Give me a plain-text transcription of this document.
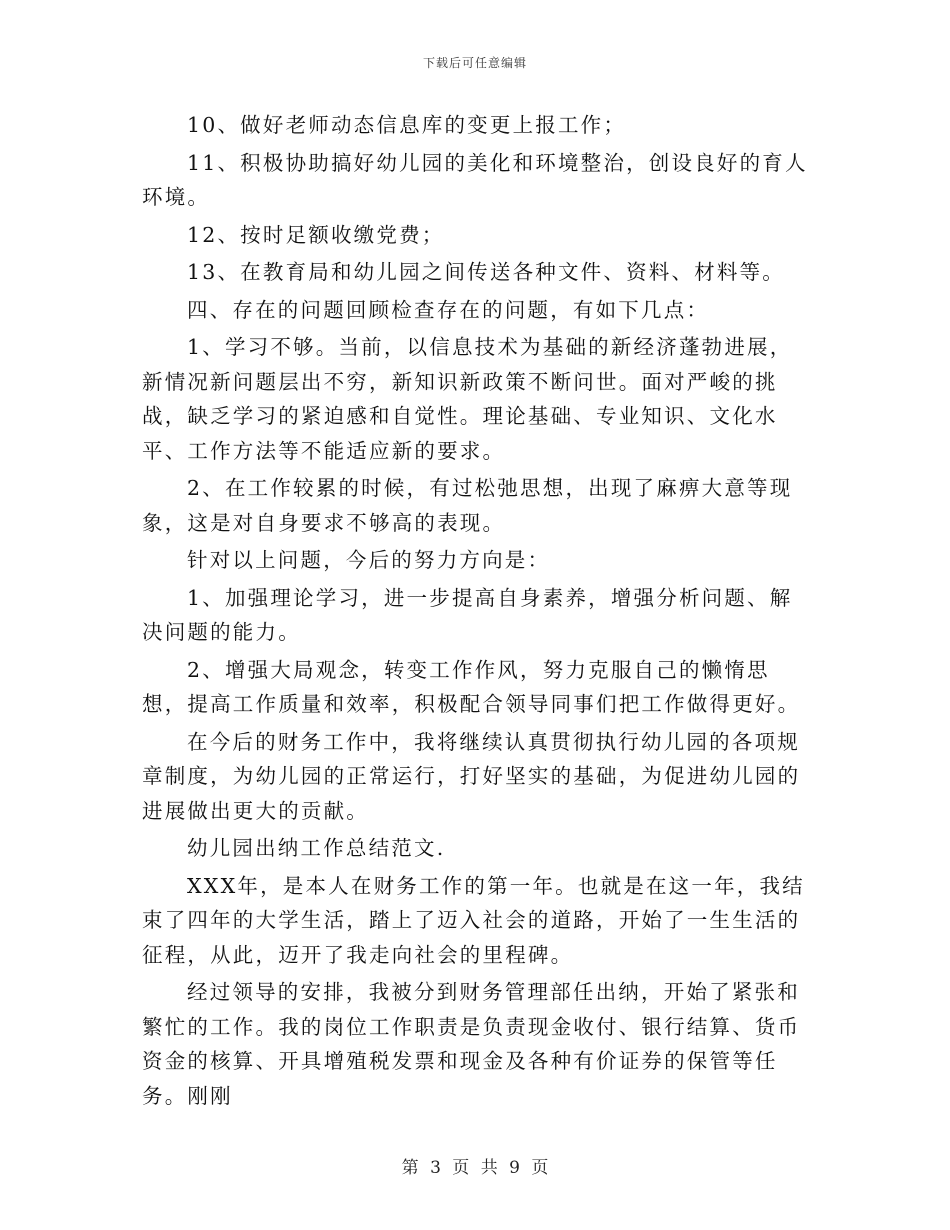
下载后可任意编辑

10、做好老师动态信息库的变更上报工作；

11、积极协助搞好幼儿园的美化和环境整治，创设良好的育人环境。

12、按时足额收缴党费；

13、在教育局和幼儿园之间传送各种文件、资料、材料等。

四、存在的问题回顾检查存在的问题，有如下几点：

1、学习不够。当前，以信息技术为基础的新经济蓬勃进展，新情况新问题层出不穷，新知识新政策不断问世。面对严峻的挑战，缺乏学习的紧迫感和自觉性。理论基础、专业知识、文化水平、工作方法等不能适应新的要求。

2、在工作较累的时候，有过松弛思想，出现了麻痹大意等现象，这是对自身要求不够高的表现。

针对以上问题，今后的努力方向是：

1、加强理论学习，进一步提高自身素养，增强分析问题、解决问题的能力。

2、增强大局观念，转变工作作风，努力克服自己的懒惰思想，提高工作质量和效率，积极配合领导同事们把工作做得更好。

在今后的财务工作中，我将继续认真贯彻执行幼儿园的各项规章制度，为幼儿园的正常运行，打好坚实的基础，为促进幼儿园的进展做出更大的贡献。

幼儿园出纳工作总结范文.

XXX年，是本人在财务工作的第一年。也就是在这一年，我结束了四年的大学生活，踏上了迈入社会的道路，开始了一生生活的征程，从此，迈开了我走向社会的里程碑。

经过领导的安排，我被分到财务管理部任出纳，开始了紧张和繁忙的工作。我的岗位工作职责是负责现金收付、银行结算、货币资金的核算、开具增殖税发票和现金及各种有价证券的保管等任务。刚刚

第 3 页 共 9 页
